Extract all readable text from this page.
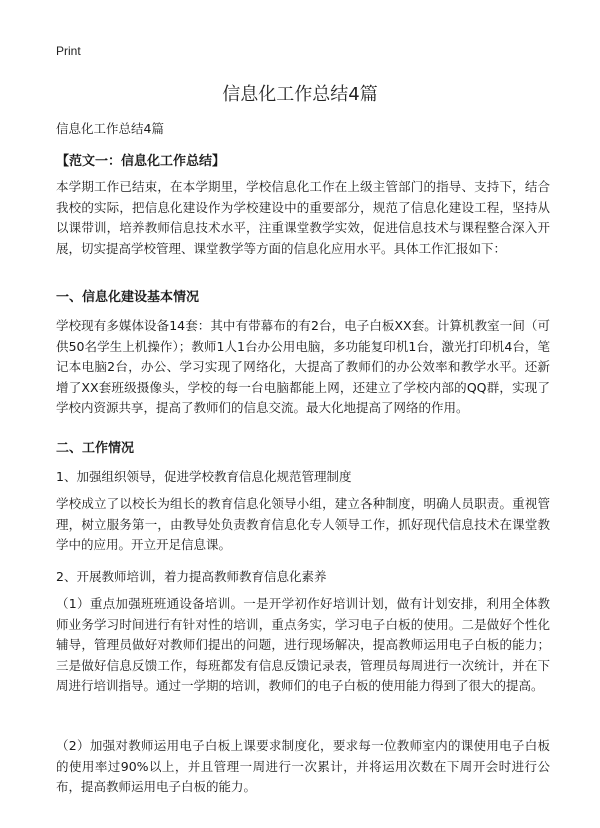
Print
信息化工作总结4篇
信息化工作总结4篇
【范文一：信息化工作总结】
本学期工作已结束，在本学期里，学校信息化工作在上级主管部门的指导、支持下，结合我校的实际，把信息化建设作为学校建设中的重要部分，规范了信息化建设工程，坚持从以课带训，培养教师信息技术水平，注重课堂教学实效，促进信息技术与课程整合深入开展，切实提高学校管理、课堂教学等方面的信息化应用水平。具体工作汇报如下：
一、信息化建设基本情况
学校现有多媒体设备14套：其中有带幕布的有2台，电子白板XX套。计算机教室一间（可供50名学生上机操作）；教师1人1台办公用电脑，多功能复印机1台，激光打印机4台，笔记本电脑2台，办公、学习实现了网络化，大提高了教师们的办公效率和教学水平。还新增了XX套班级摄像头，学校的每一台电脑都能上网，还建立了学校内部的QQ群，实现了学校内资源共享，提高了教师们的信息交流。最大化地提高了网络的作用。
二、工作情况
1、加强组织领导，促进学校教育信息化规范管理制度
学校成立了以校长为组长的教育信息化领导小组，建立各种制度，明确人员职责。重视管理，树立服务第一，由教导处负责教育信息化专人领导工作，抓好现代信息技术在课堂教学中的应用。开立开足信息课。
2、开展教师培训，着力提高教师教育信息化素养
（1）重点加强班班通设备培训。一是开学初作好培训计划，做有计划安排，利用全体教师业务学习时间进行有针对性的培训，重点务实，学习电子白板的使用。二是做好个性化辅导，管理员做好对教师们提出的问题，进行现场解决，提高教师运用电子白板的能力；三是做好信息反馈工作，每班都发有信息反馈记录表，管理员每周进行一次统计，并在下周进行培训指导。通过一学期的培训，教师们的电子白板的使用能力得到了很大的提高。
（2）加强对教师运用电子白板上课要求制度化，要求每一位教师室内的课使用电子白板的使用率过90%以上，并且管理一周进行一次累计，并将运用次数在下周开会时进行公布，提高教师运用电子白板的能力。
